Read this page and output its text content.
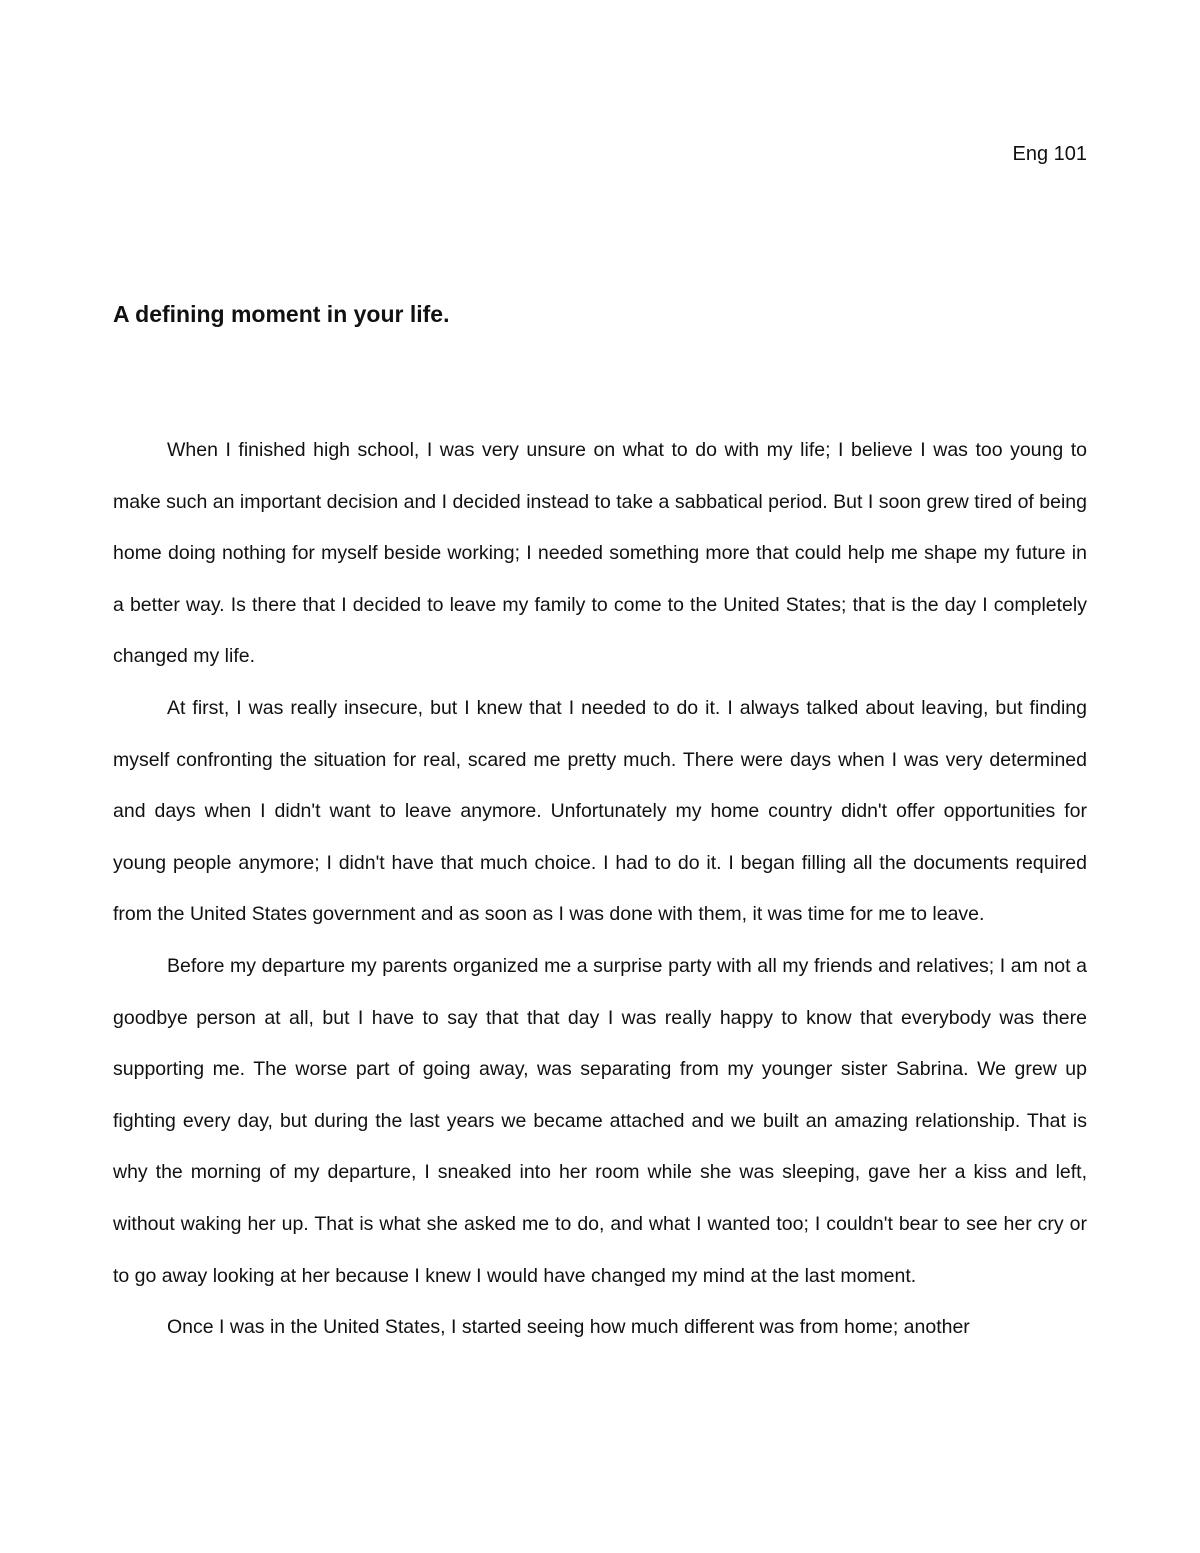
Eng 101
A defining moment in your life.

When I finished high school, I was very unsure on what to do with my life; I believe I was too young to make such an important decision and I decided instead to take a sabbatical period. But I soon grew tired of being home doing nothing for myself beside working; I needed something more that could help me shape my future in a better way. Is there that I decided to leave my family to come to the United States; that is the day I completely changed my life.

At first, I was really insecure, but I knew that I needed to do it. I always talked about leaving, but finding myself confronting the situation for real, scared me pretty much. There were days when I was very determined and days when I didn't want to leave anymore. Unfortunately my home country didn't offer opportunities for young people anymore; I didn't have that much choice. I had to do it. I began filling all the documents required from the United States government and as soon as I was done with them, it was time for me to leave.

Before my departure my parents organized me a surprise party with all my friends and relatives; I am not a goodbye person at all, but I have to say that that day I was really happy to know that everybody was there supporting me. The worse part of going away, was separating from my younger sister Sabrina. We grew up fighting every day, but during the last years we became attached and we built an amazing relationship. That is why the morning of my departure, I sneaked into her room while she was sleeping, gave her a kiss and left, without waking her up. That is what she asked me to do, and what I wanted too; I couldn't bear to see her cry or to go away looking at her because I knew I would have changed my mind at the last moment.

Once I was in the United States, I started seeing how much different was from home; another
